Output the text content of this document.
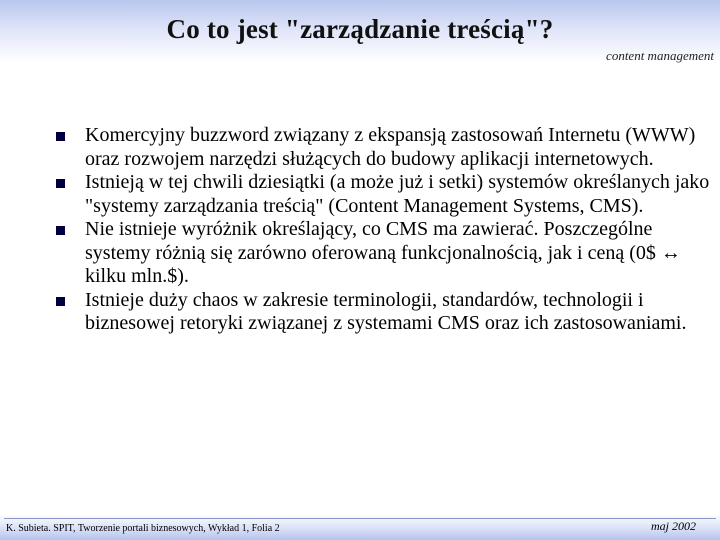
Co to jest "zarządzanie treścią"?
content management
Komercyjny buzzword związany z ekspansją zastosowań Internetu (WWW) oraz rozwojem narzędzi służących do budowy aplikacji internetowych.
Istnieją w tej chwili dziesiątki (a może już i setki) systemów określanych jako "systemy zarządzania treścią" (Content Management Systems, CMS).
Nie istnieje wyróżnik określający, co CMS ma zawierać. Poszczególne systemy różnią się zarówno oferowaną funkcjonalnością, jak i ceną (0$ ↔ kilku mln.$).
Istnieje duży chaos w zakresie terminologii, standardów, technologii i biznesowej retoryki związanej z systemami CMS oraz ich zastosowaniami.
K. Subieta. SPIT, Tworzenie portali biznesowych, Wykład 1, Folia 2	maj 2002
